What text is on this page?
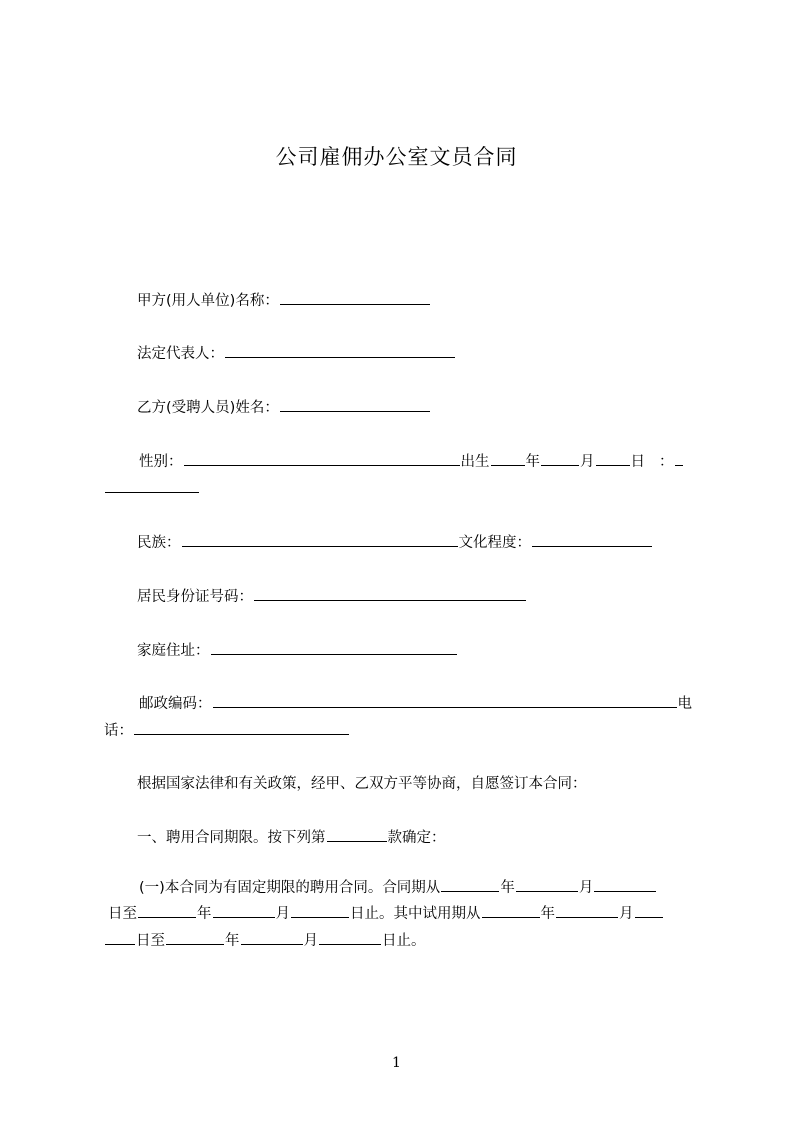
公司雇佣办公室文员合同
甲方(用人单位)名称：
法定代表人：
乙方(受聘人员)姓名：
性别：	出生 年	月 日 ：
民族：	文化程度：
居民身份证号码：
家庭住址：
邮政编码：	电
话：
根据国家法律和有关政策，经甲、乙双方平等协商，自愿签订本合同：
一、聘用合同期限。按下列第	款确定：
(一)本合同为有固定期限的聘用合同。合同期从	年	月
日至	年	月	日止。其中试用期从	年	月
日至	年	月	日止。
1
